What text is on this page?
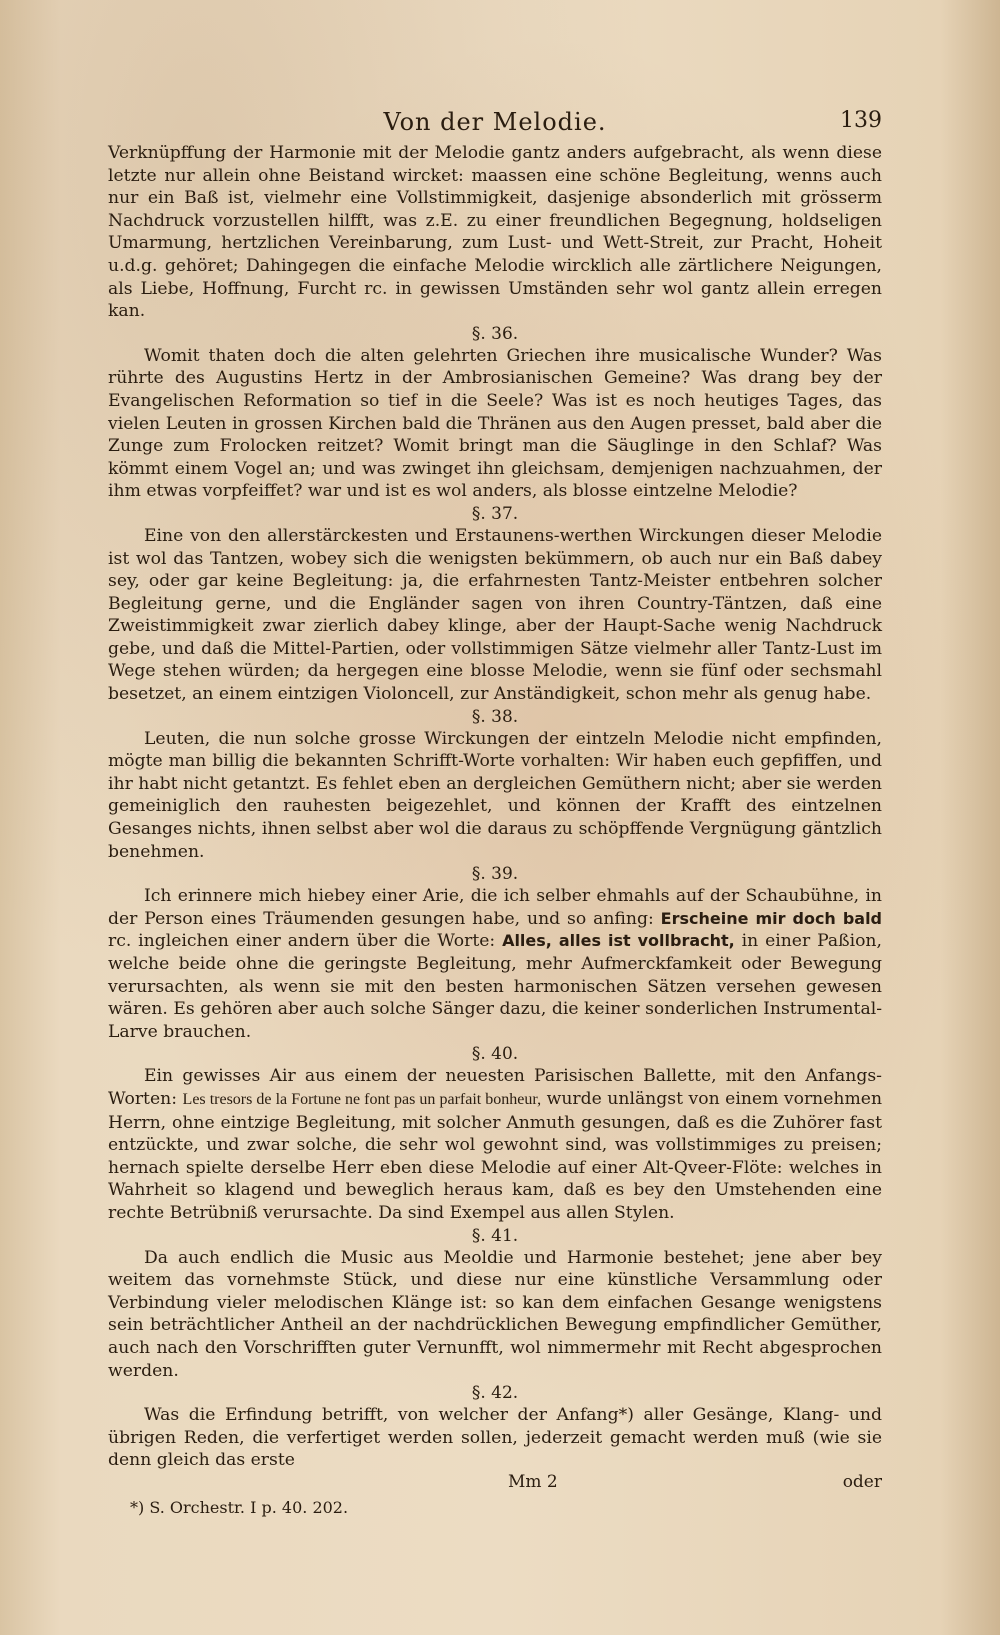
Von der Melodie.	139

Verknüpffung der Harmonie mit der Melodie gantz anders aufgebracht, als wenn diese letzte nur allein ohne Beistand wircket: maassen eine schöne Begleitung, wenns auch nur ein Baß ist, vielmehr eine Vollstimmigkeit, dasjenige absonderlich mit grösserm Nachdruck vorzustellen hilfft, was z.E. zu einer freundlichen Begegnung, holdseligen Umarmung, hertzlichen Vereinbarung, zum Lust- und Wett-Streit, zur Pracht, Hoheit u.d.g. gehöret; Dahingegen die einfache Melodie wircklich alle zärtlichere Neigungen, als Liebe, Hoffnung, Furcht rc. in gewissen Umständen sehr wol gantz allein erregen kan.

§. 36.

Womit thaten doch die alten gelehrten Griechen ihre musicalische Wunder? Was rührte des Augustins Hertz in der Ambrosianischen Gemeine? Was drang bey der Evangelischen Reformation so tief in die Seele? Was ist es noch heutiges Tages, das vielen Leuten in grossen Kirchen bald die Thränen aus den Augen presset, bald aber die Zunge zum Frolocken reitzet? Womit bringt man die Säuglinge in den Schlaf? Was kömmt einem Vogel an; und was zwinget ihn gleichsam, demjenigen nachzuahmen, der ihm etwas vorpfeiffet? war und ist es wol anders, als blosse eintzelne Melodie?

§. 37.

Eine von den allerstärckesten und Erstaunens-werthen Wirckungen dieser Melodie ist wol das Tantzen, wobey sich die wenigsten bekümmern, ob auch nur ein Baß dabey sey, oder gar keine Begleitung: ja, die erfahrnesten Tantz-Meister entbehren solcher Begleitung gerne, und die Engländer sagen von ihren Country-Täntzen, daß eine Zweistimmigkeit zwar zierlich dabey klinge, aber der Haupt-Sache wenig Nachdruck gebe, und daß die Mittel-Partien, oder vollstimmigen Sätze vielmehr aller Tantz-Lust im Wege stehen würden; da hergegen eine blosse Melodie, wenn sie fünf oder sechsmahl besetzet, an einem eintzigen Violoncell, zur Anständigkeit, schon mehr als genug habe.

§. 38.

Leuten, die nun solche grosse Wirckungen der eintzeln Melodie nicht empfinden, mögte man billig die bekannten Schrifft-Worte vorhalten: Wir haben euch gepfiffen, und ihr habt nicht getantzt. Es fehlet eben an dergleichen Gemüthern nicht; aber sie werden gemeiniglich den rauhesten beigezehlet, und können der Krafft des eintzelnen Gesanges nichts, ihnen selbst aber wol die daraus zu schöpffende Vergnügung gäntzlich benehmen.

§. 39.

Ich erinnere mich hiebey einer Arie, die ich selber ehmahls auf der Schaubühne, in der Person eines Träumenden gesungen habe, und so anfing: Erscheine mir doch bald rc. ingleichen einer andern über die Worte: Alles, alles ist vollbracht, in einer Paßion, welche beide ohne die geringste Begleitung, mehr Aufmerckfamkeit oder Bewegung verursachten, als wenn sie mit den besten harmonischen Sätzen versehen gewesen wären. Es gehören aber auch solche Sänger dazu, die keiner sonderlichen Instrumental-Larve brauchen.

§. 40.

Ein gewisses Air aus einem der neuesten Parisischen Ballette, mit den Anfangs-Worten: Les tresors de la Fortune ne font pas un parfait bonheur, wurde unlängst von einem vornehmen Herrn, ohne eintzige Begleitung, mit solcher Anmuth gesungen, daß es die Zuhörer fast entzückte, und zwar solche, die sehr wol gewohnt sind, was vollstimmiges zu preisen; hernach spielte derselbe Herr eben diese Melodie auf einer Alt-Qveer-Flöte: welches in Wahrheit so klagend und beweglich heraus kam, daß es bey den Umstehenden eine rechte Betrübniß verursachte. Da sind Exempel aus allen Stylen.

§. 41.

Da auch endlich die Music aus Meoldie und Harmonie bestehet; jene aber bey weitem das vornehmste Stück, und diese nur eine künstliche Versammlung oder Verbindung vieler melodischen Klänge ist: so kan dem einfachen Gesange wenigstens sein beträchtlicher Antheil an der nachdrücklichen Bewegung empfindlicher Gemüther, auch nach den Vorschrifften guter Vernunfft, wol nimmermehr mit Recht abgesprochen werden.

§. 42.

Was die Erfindung betrifft, von welcher der Anfang*) aller Gesänge, Klang- und übrigen Reden, die verfertiget werden sollen, jederzeit gemacht werden muß (wie sie denn gleich das erste

Mm 2	oder

*) S. Orchestr. I p. 40. 202.
